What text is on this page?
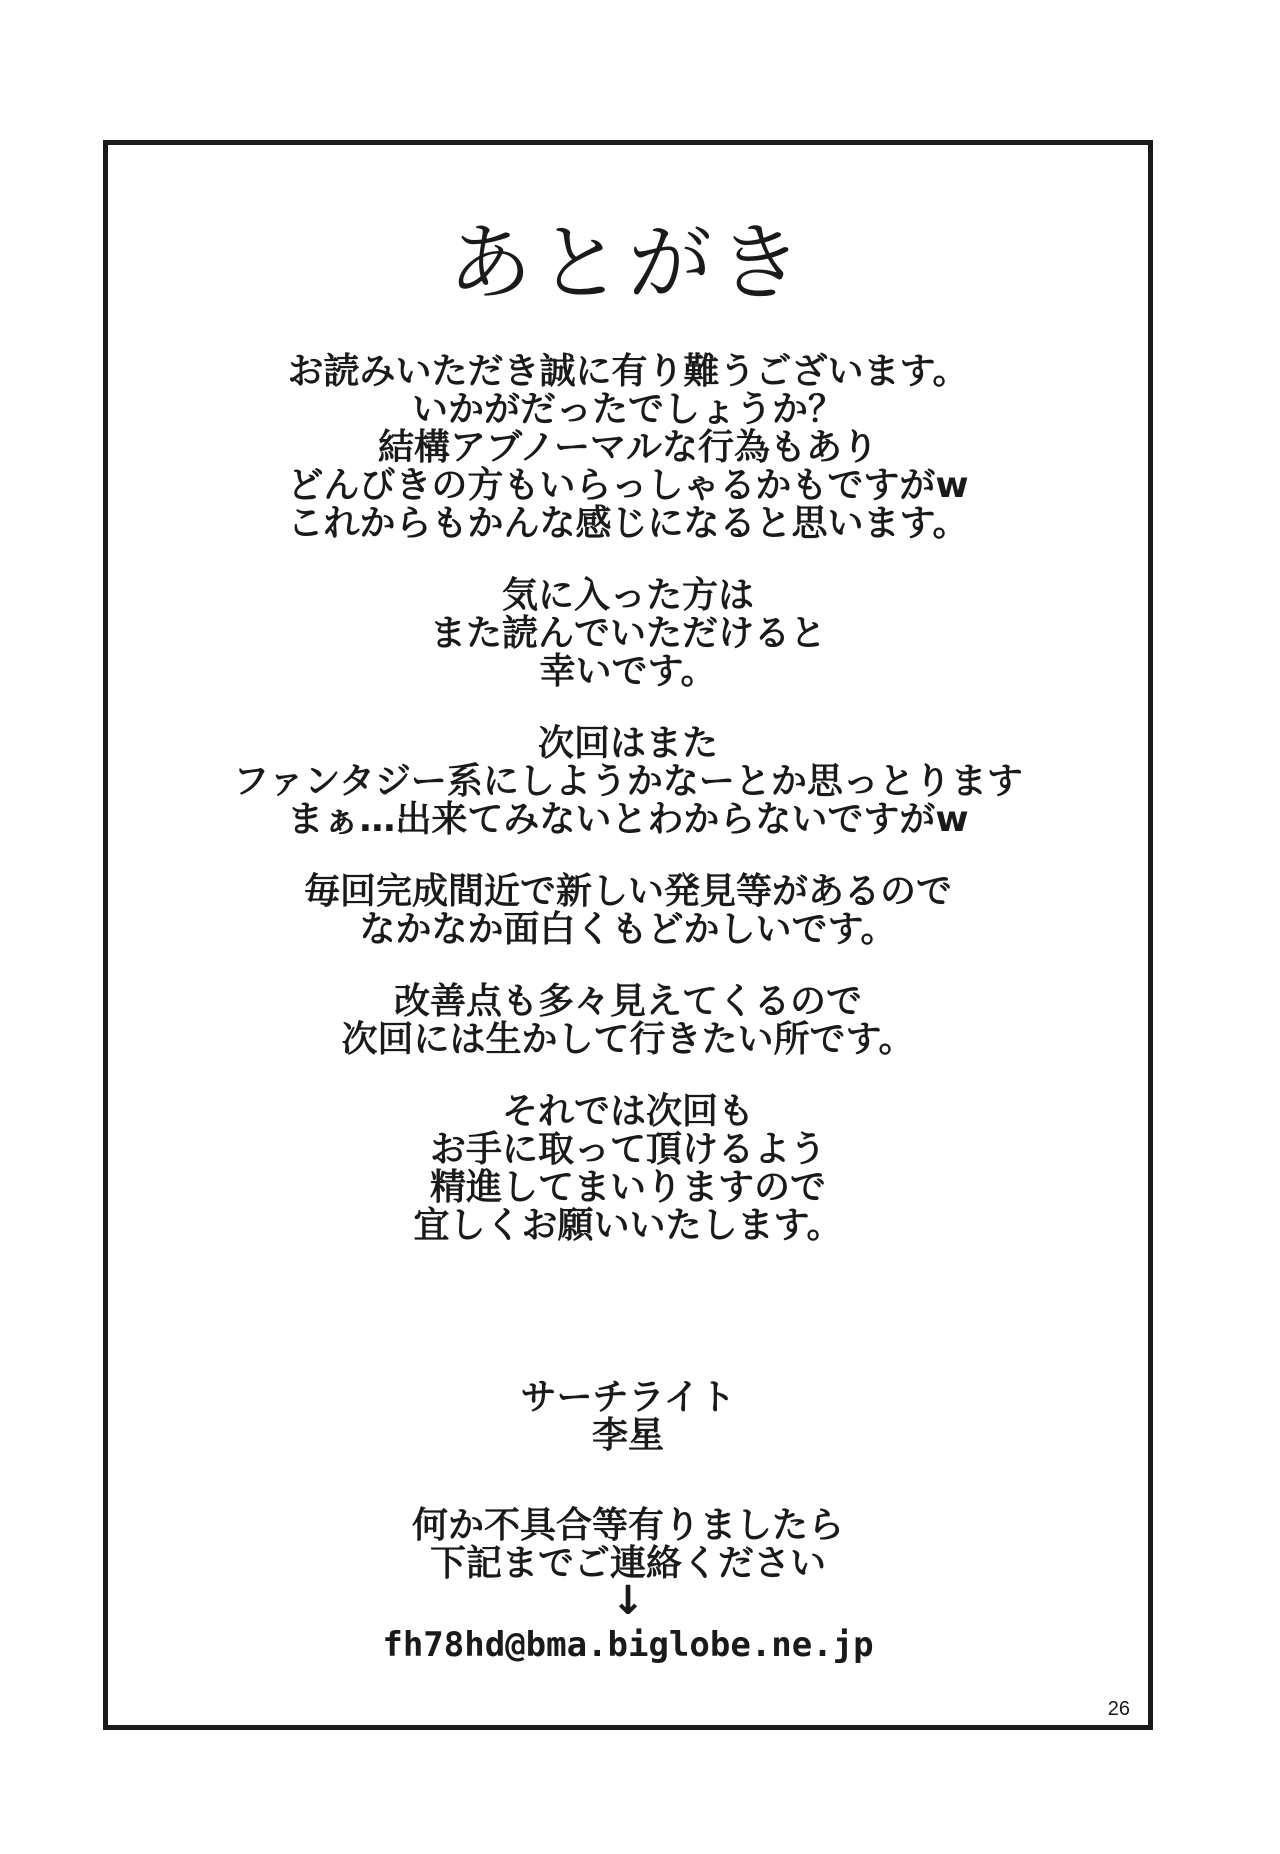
あとがき
お読みいただき誠に有り難うございます。
いかがだったでしょうか？
結構アブノーマルな行為もあり
どんびきの方もいらっしゃるかもですがw
これからもかんな感じになると思います。
気に入った方は
また読んでいただけると
幸いです。
次回はまた
ファンタジー系にしようかなーとか思っとります
まぁ…出来てみないとわからないですがw
毎回完成間近で新しい発見等があるので
なかなか面白くもどかしいです。
改善点も多々見えてくるので
次回には生かして行きたい所です。
それでは次回も
お手に取って頂けるよう
精進してまいりますので
宜しくお願いいたします。
サーチライト
李星
何か不具合等有りましたら
下記までご連絡ください
↓
fh78hd@bma.biglobe.ne.jp
26
